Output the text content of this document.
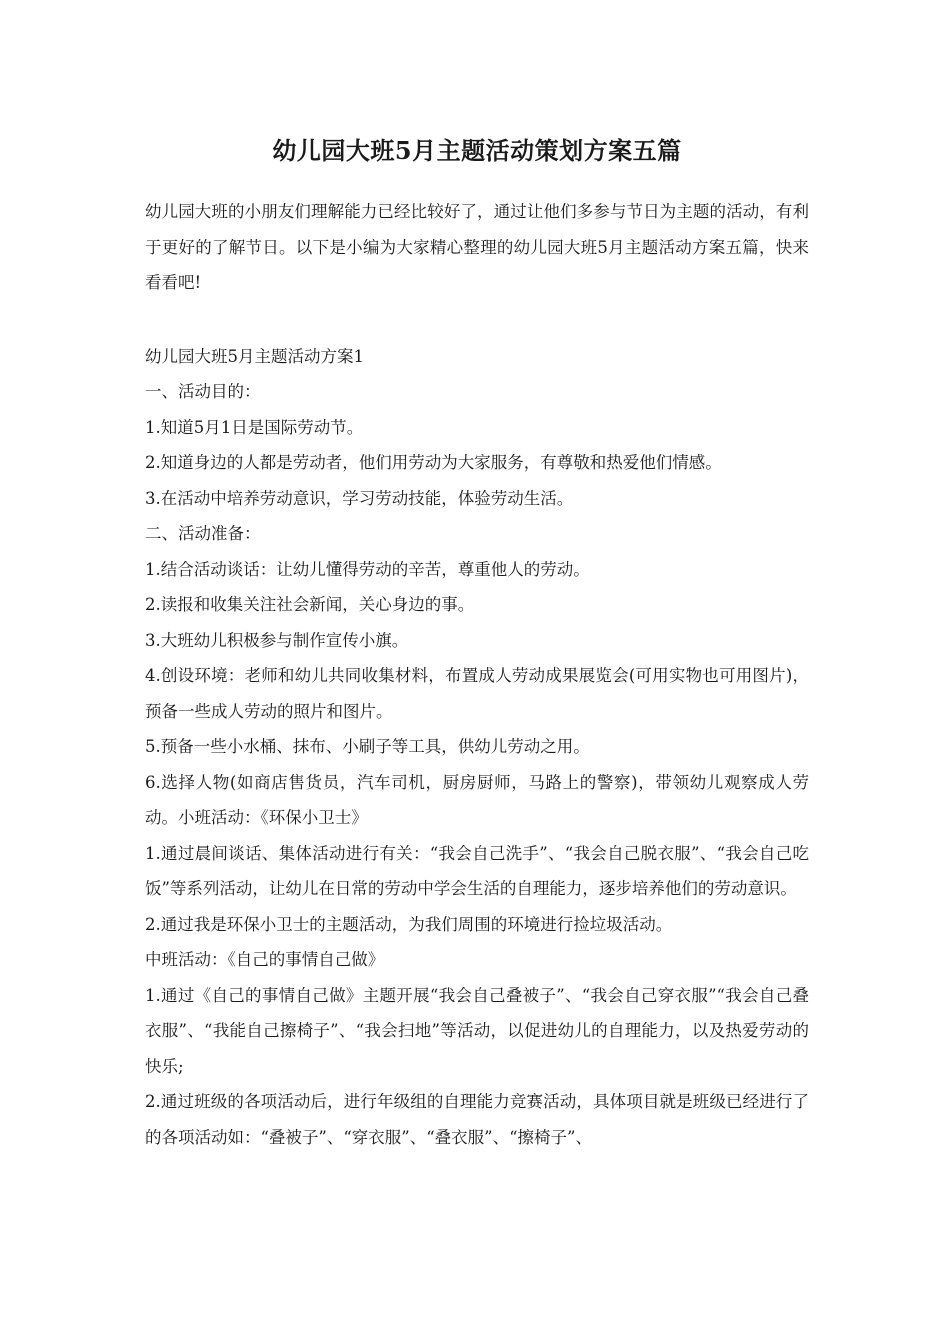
幼儿园大班5月主题活动策划方案五篇

幼儿园大班的小朋友们理解能力已经比较好了，通过让他们多参与节日为主题的活动，有利于更好的了解节日。以下是小编为大家精心整理的幼儿园大班5月主题活动方案五篇，快来看看吧!

幼儿园大班5月主题活动方案1

一、活动目的：

1.知道5月1日是国际劳动节。

2.知道身边的人都是劳动者，他们用劳动为大家服务，有尊敬和热爱他们情感。

3.在活动中培养劳动意识，学习劳动技能，体验劳动生活。

二、活动准备：

1.结合活动谈话：让幼儿懂得劳动的辛苦，尊重他人的劳动。

2.读报和收集关注社会新闻，关心身边的事。

3.大班幼儿积极参与制作宣传小旗。

4.创设环境：老师和幼儿共同收集材料，布置成人劳动成果展览会(可用实物也可用图片)，预备一些成人劳动的照片和图片。

5.预备一些小水桶、抹布、小刷子等工具，供幼儿劳动之用。

6.选择人物(如商店售货员，汽车司机，厨房厨师，马路上的警察)，带领幼儿观察成人劳动。小班活动：《环保小卫士》

1.通过晨间谈话、集体活动进行有关：“我会自己洗手”、“我会自己脱衣服”、“我会自己吃饭”等系列活动，让幼儿在日常的劳动中学会生活的自理能力，逐步培养他们的劳动意识。

2.通过我是环保小卫士的主题活动，为我们周围的环境进行捡垃圾活动。

中班活动：《自己的事情自己做》

1.通过《自己的事情自己做》主题开展“我会自己叠被子”、“我会自己穿衣服”“我会自己叠衣服”、“我能自己擦椅子”、“我会扫地”等活动，以促进幼儿的自理能力，以及热爱劳动的快乐;

2.通过班级的各项活动后，进行年级组的自理能力竞赛活动，具体项目就是班级已经进行了的各项活动如：“叠被子”、“穿衣服”、“叠衣服”、“擦椅子”、
